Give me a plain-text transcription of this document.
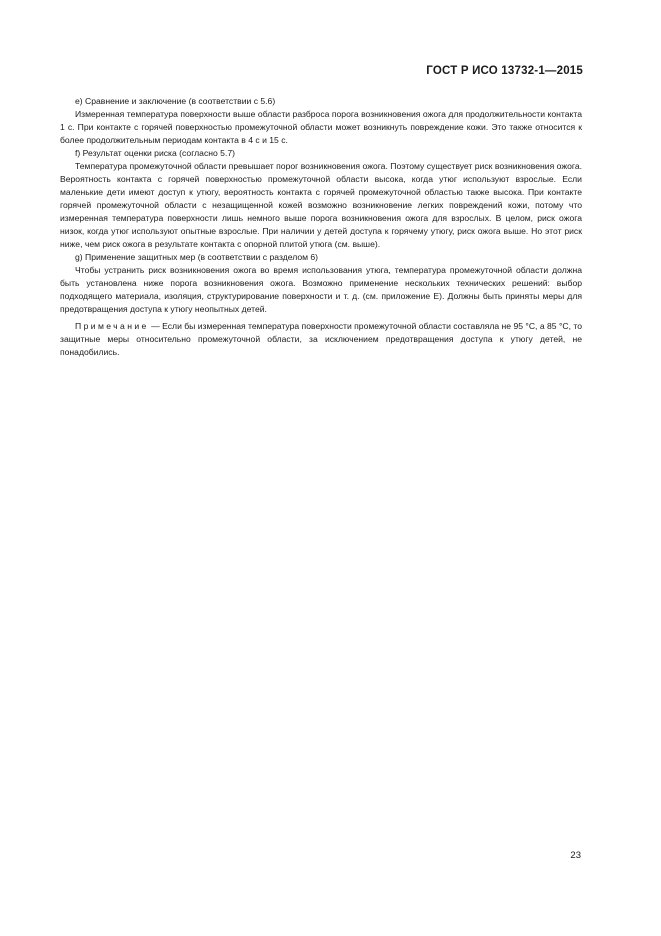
ГОСТ Р ИСО 13732-1—2015

e) Сравнение и заключение (в соответствии с 5.6)

Измеренная температура поверхности выше области разброса порога возникновения ожога для продолжительности контакта 1 с. При контакте с горячей поверхностью промежуточной области может возникнуть повреждение кожи. Это также относится к более продолжительным периодам контакта в 4 с и 15 с.

f) Результат оценки риска (согласно 5.7)

Температура промежуточной области превышает порог возникновения ожога. Поэтому существует риск возникновения ожога. Вероятность контакта с горячей поверхностью промежуточной области высока, когда утюг используют взрослые. Если маленькие дети имеют доступ к утюгу, вероятность контакта с горячей промежуточной областью также высока. При контакте горячей промежуточной области с незащищенной кожей возможно возникновение легких повреждений кожи, потому что измеренная температура поверхности лишь немного выше порога возникновения ожога для взрослых. В целом, риск ожога низок, когда утюг используют опытные взрослые. При наличии у детей доступа к горячему утюгу, риск ожога выше. Но этот риск ниже, чем риск ожога в результате контакта с опорной плитой утюга (см. выше).

g) Применение защитных мер (в соответствии с разделом 6)

Чтобы устранить риск возникновения ожога во время использования утюга, температура промежуточной области должна быть установлена ниже порога возникновения ожога. Возможно применение нескольких технических решений: выбор подходящего материала, изоляция, структурирование поверхности и т. д. (см. приложение Е). Должны быть приняты меры для предотвращения доступа к утюгу неопытных детей.

Примечание — Если бы измеренная температура поверхности промежуточной области составляла не 95 °С, а 85 °С, то защитные меры относительно промежуточной области, за исключением предотвращения доступа к утюгу детей, не понадобились.

23
